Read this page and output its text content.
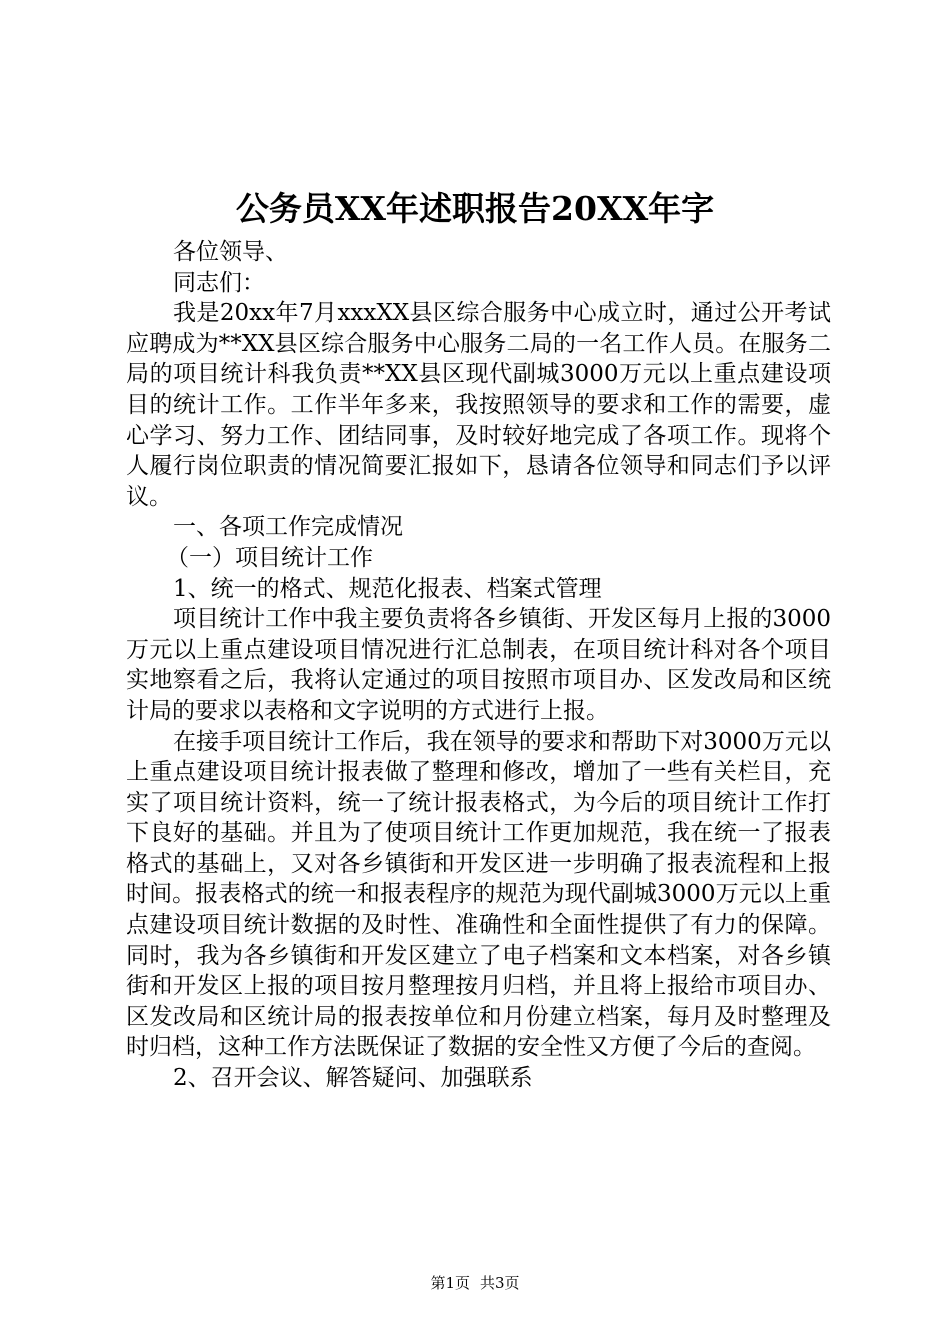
公务员XX年述职报告20XX年字

各位领导、

同志们：

我是20xx年7月xxxXX县区综合服务中心成立时，通过公开考试应聘成为**XX县区综合服务中心服务二局的一名工作人员。在服务二局的项目统计科我负责**XX县区现代副城3000万元以上重点建设项目的统计工作。工作半年多来，我按照领导的要求和工作的需要，虚心学习、努力工作、团结同事，及时较好地完成了各项工作。现将个人履行岗位职责的情况简要汇报如下，恳请各位领导和同志们予以评议。

一、各项工作完成情况

（一）项目统计工作

1、统一的格式、规范化报表、档案式管理

项目统计工作中我主要负责将各乡镇街、开发区每月上报的3000万元以上重点建设项目情况进行汇总制表，在项目统计科对各个项目实地察看之后，我将认定通过的项目按照市项目办、区发改局和区统计局的要求以表格和文字说明的方式进行上报。

在接手项目统计工作后，我在领导的要求和帮助下对3000万元以上重点建设项目统计报表做了整理和修改，增加了一些有关栏目，充实了项目统计资料，统一了统计报表格式，为今后的项目统计工作打下良好的基础。并且为了使项目统计工作更加规范，我在统一了报表格式的基础上，又对各乡镇街和开发区进一步明确了报表流程和上报时间。报表格式的统一和报表程序的规范为现代副城3000万元以上重点建设项目统计数据的及时性、准确性和全面性提供了有力的保障。同时，我为各乡镇街和开发区建立了电子档案和文本档案，对各乡镇街和开发区上报的项目按月整理按月归档，并且将上报给市项目办、区发改局和区统计局的报表按单位和月份建立档案，每月及时整理及时归档，这种工作方法既保证了数据的安全性又方便了今后的查阅。

2、召开会议、解答疑问、加强联系

第1页 共3页
